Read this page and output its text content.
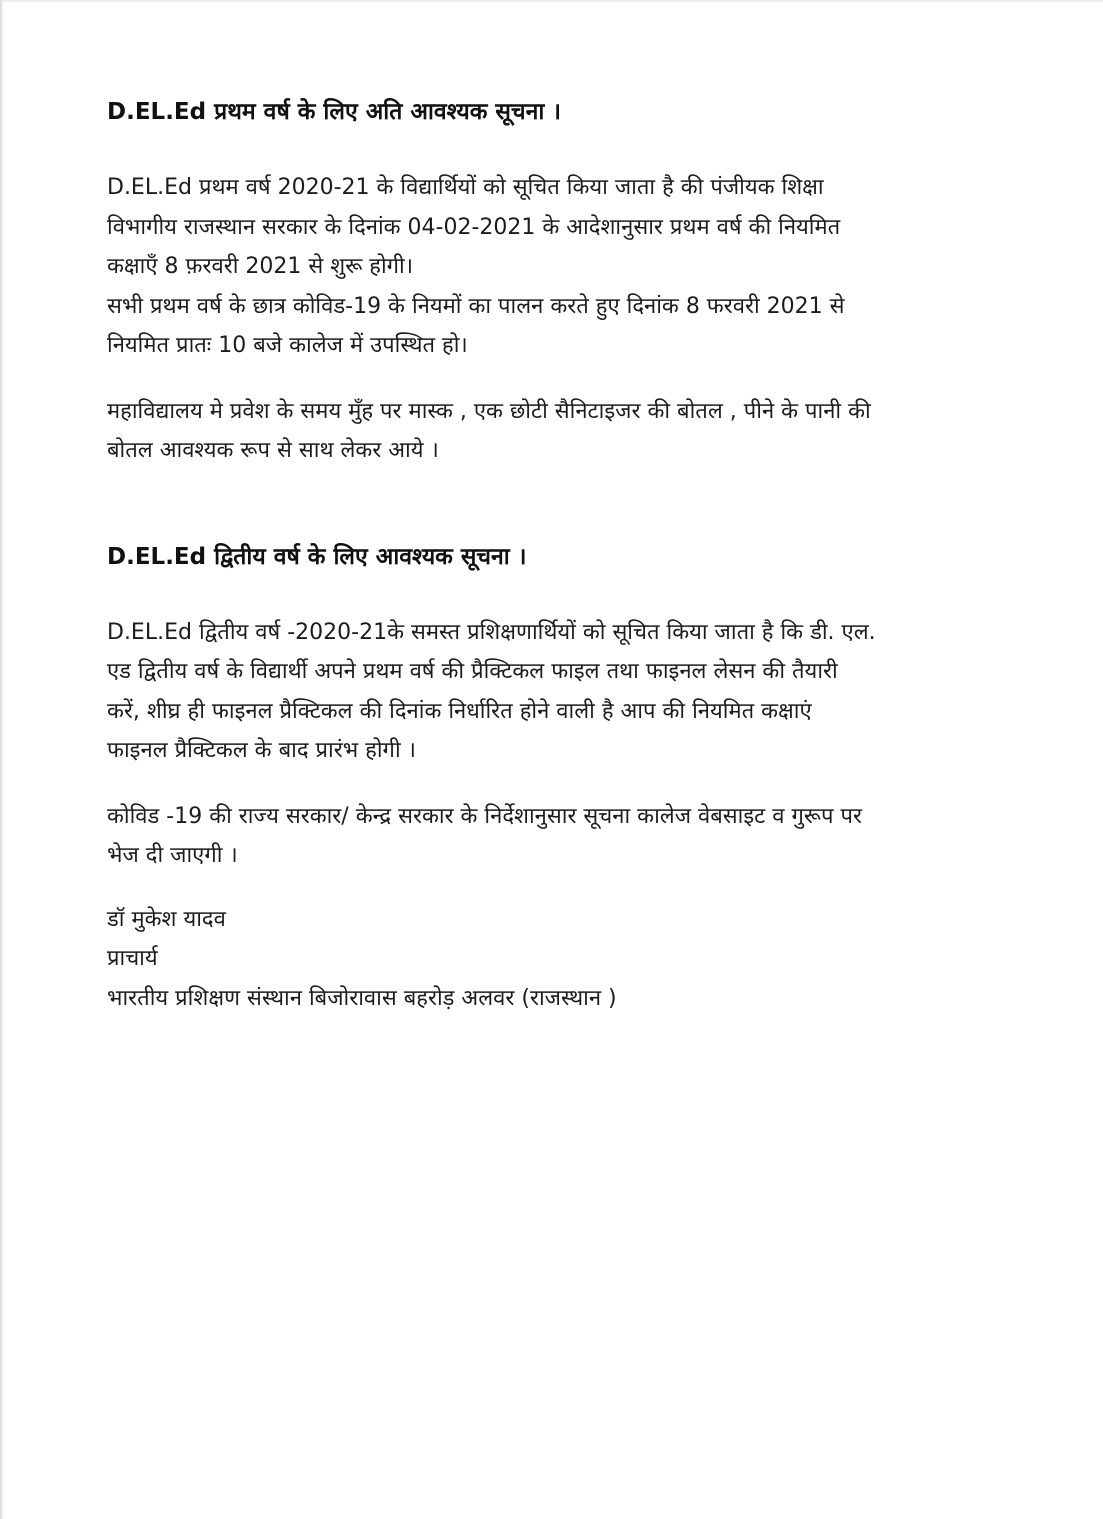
D.EL.Ed प्रथम वर्ष के लिए अति आवश्यक सूचना ।
D.EL.Ed प्रथम वर्ष 2020-21 के विद्यार्थियों को सूचित किया जाता है की पंजीयक शिक्षा
विभागीय राजस्थान सरकार के दिनांक 04-02-2021 के आदेशानुसार प्रथम वर्ष की नियमित
कक्षाएँ 8 फ़रवरी 2021 से शुरू होगी।
सभी प्रथम वर्ष के छात्र कोविड-19 के नियमों का पालन करते हुए दिनांक 8 फरवरी 2021 से
नियमित प्रातः 10 बजे कालेज में उपस्थित हो।
महाविद्यालय मे प्रवेश के समय मुँह पर मास्क , एक छोटी सैनिटाइजर की बोतल , पीने के पानी की
बोतल आवश्यक रूप से साथ लेकर आये ।
D.EL.Ed द्वितीय वर्ष के लिए आवश्यक सूचना ।
D.EL.Ed द्वितीय वर्ष -2020-21के समस्त प्रशिक्षणार्थियों को सूचित किया जाता है कि डी. एल.
एड द्वितीय वर्ष के विद्यार्थी अपने प्रथम वर्ष की प्रैक्टिकल फाइल तथा फाइनल लेसन की तैयारी
करें, शीघ्र ही फाइनल प्रैक्टिकल की दिनांक निर्धारित होने वाली है आप की नियमित कक्षाएं
फाइनल प्रैक्टिकल के बाद प्रारंभ होगी ।
कोविड -19 की राज्य सरकार/ केन्द्र सरकार के निर्देशानुसार सूचना कालेज वेबसाइट व गुरूप पर
भेज दी जाएगी ।
डॉ मुकेश यादव
प्राचार्य
भारतीय प्रशिक्षण संस्थान बिजोरावास बहरोड़ अलवर (राजस्थान )
